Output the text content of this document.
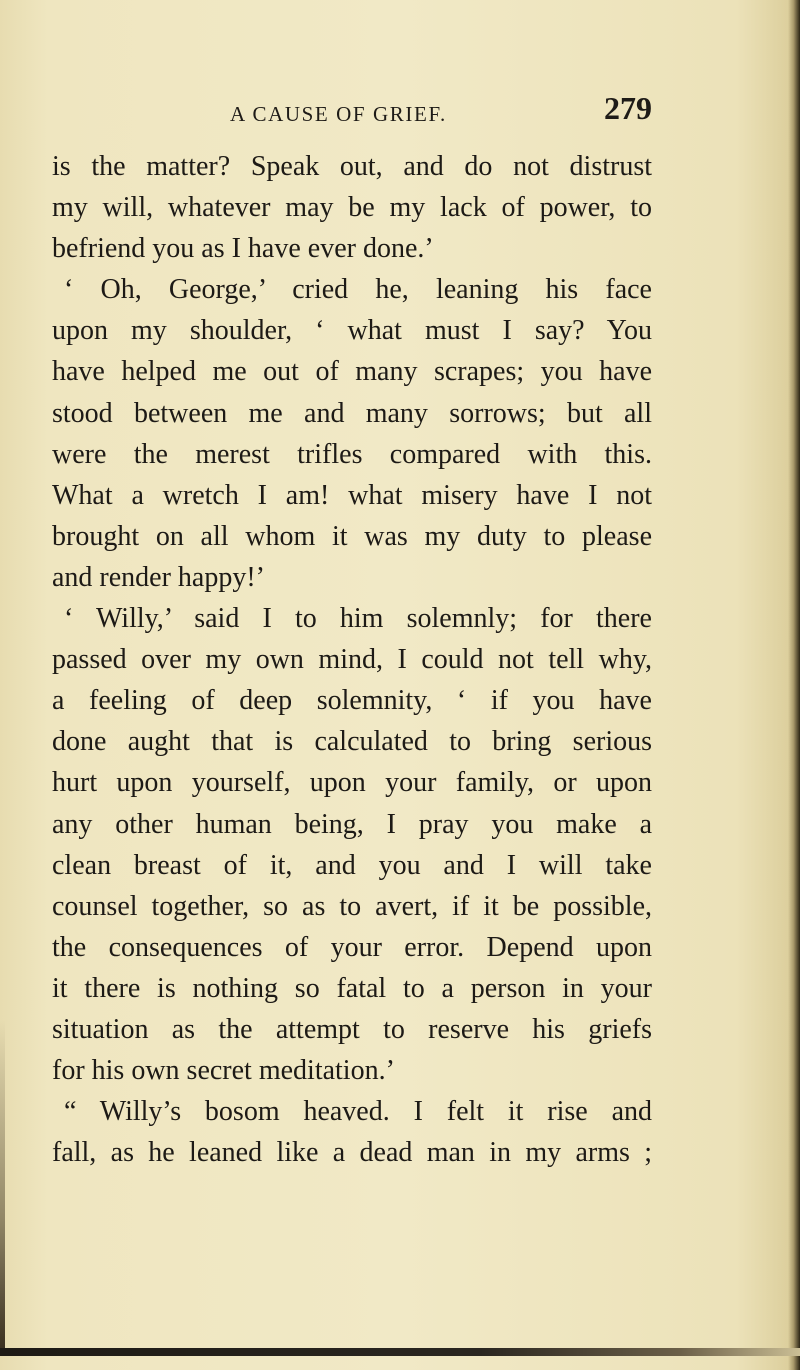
A CAUSE OF GRIEF.	279
is the matter? Speak out, and do not distrust
my will, whatever may be my lack of power, to
befriend you as I have ever done.’
‘ Oh, George,’ cried he, leaning his face
upon my shoulder, ‘ what must I say? You
have helped me out of many scrapes; you have
stood between me and many sorrows; but all
were the merest trifles compared with this.
What a wretch I am! what misery have I not
brought on all whom it was my duty to please
and render happy!’
‘ Willy,’ said I to him solemnly; for there
passed over my own mind, I could not tell why,
a feeling of deep solemnity, ‘ if you have
done aught that is calculated to bring serious
hurt upon yourself, upon your family, or upon
any other human being, I pray you make a
clean breast of it, and you and I will take
counsel together, so as to avert, if it be possible,
the consequences of your error. Depend upon
it there is nothing so fatal to a person in your
situation as the attempt to reserve his griefs
for his own secret meditation.’
“ Willy’s bosom heaved. I felt it rise and
fall, as he leaned like a dead man in my arms ;
